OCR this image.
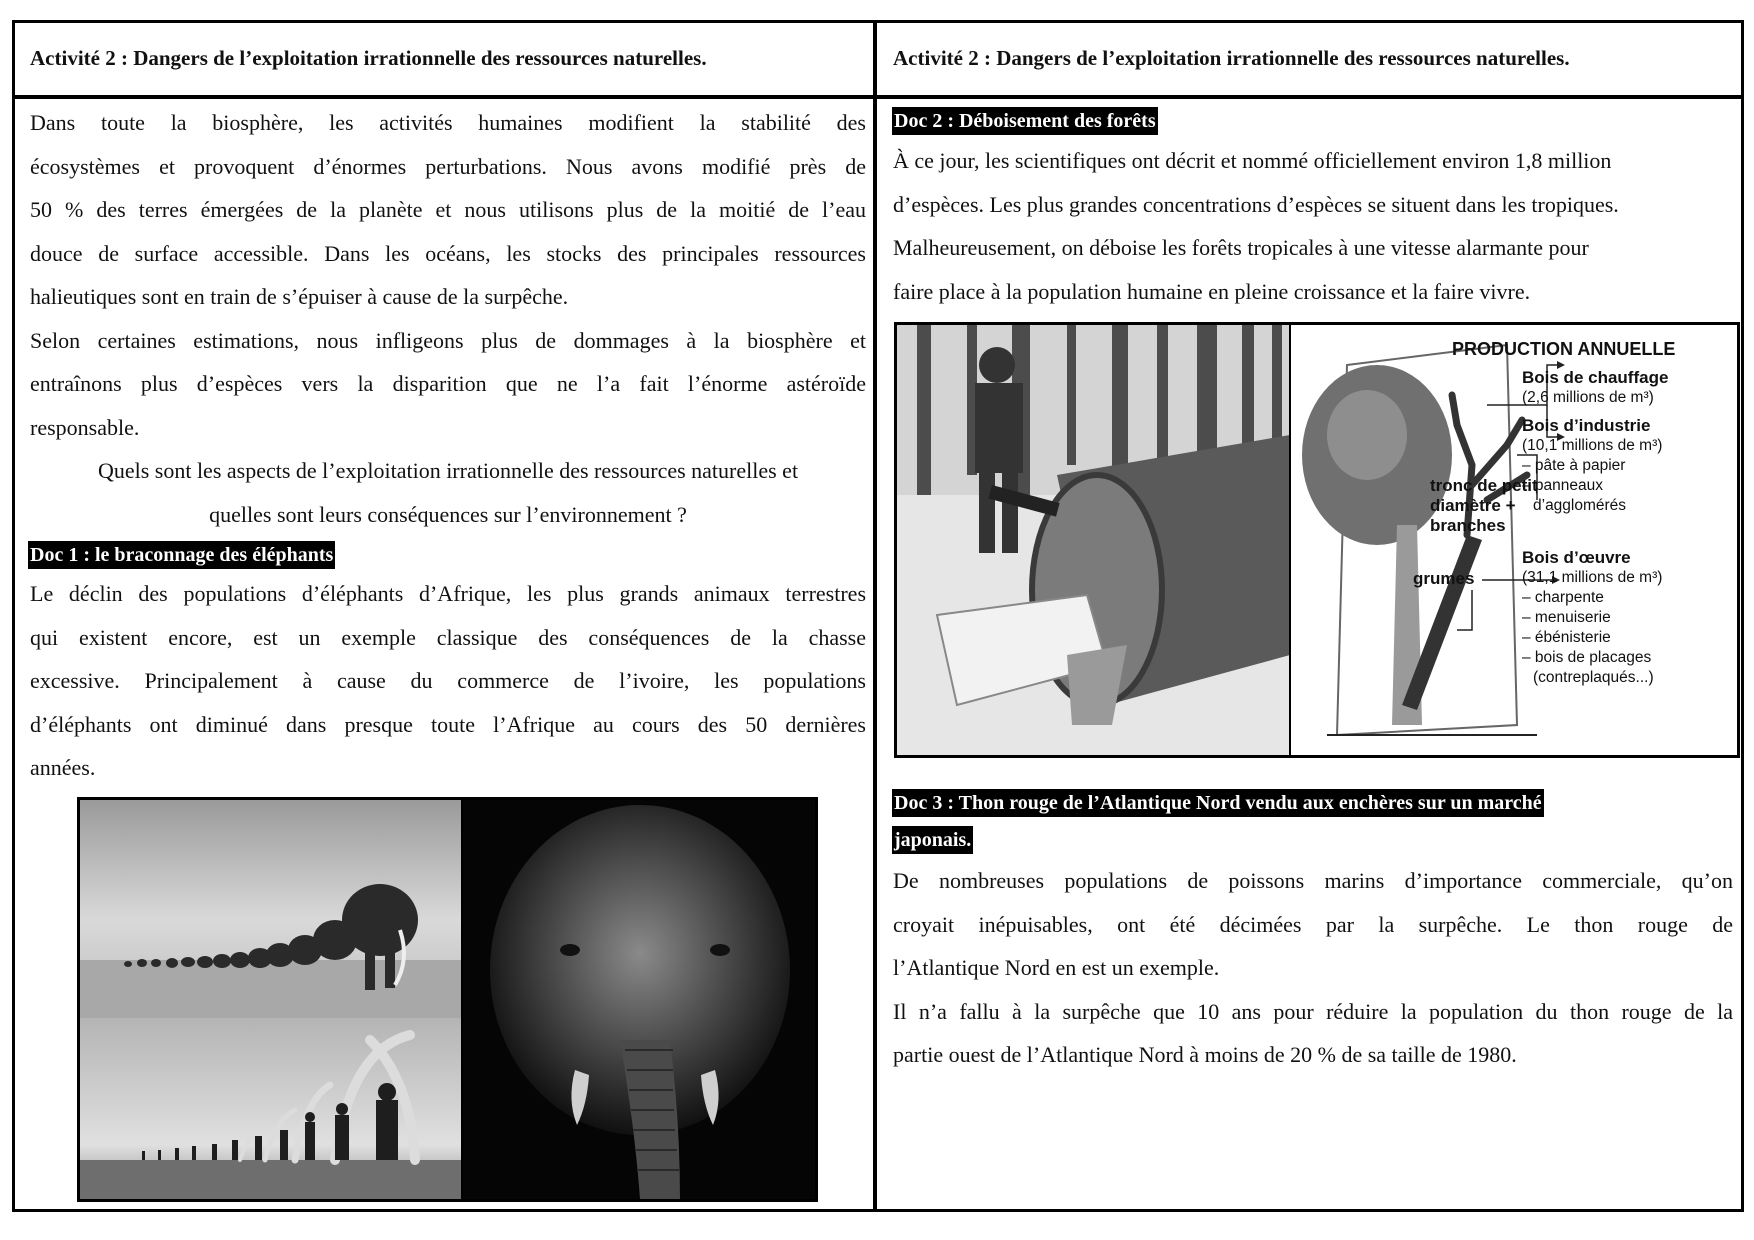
Activité 2 : Dangers de l’exploitation irrationnelle des ressources naturelles.
Dans toute la biosphère, les activités humaines modifient la stabilité des
écosystèmes et provoquent d’énormes perturbations. Nous avons modifié près de
50 % des terres émergées de la planète et nous utilisons plus de la moitié de l’eau
douce de surface accessible. Dans les océans, les stocks des principales ressources
halieutiques sont en train de s’épuiser à cause de la surpêche.
Selon certaines estimations, nous infligeons plus de dommages à la biosphère et
entraînons plus d’espèces vers la disparition que ne l’a fait l’énorme astéroïde
responsable.
Quels sont les aspects de l’exploitation irrationnelle des ressources naturelles et
quelles sont leurs conséquences sur l’environnement ?
Doc 1 : le braconnage des éléphants
Le déclin des populations d’éléphants d’Afrique, les plus grands animaux terrestres
qui existent encore, est un exemple classique des conséquences de la chasse
excessive. Principalement à cause du commerce de l’ivoire, les populations
d’éléphants ont diminué dans presque toute l’Afrique au cours des 50 dernières
années.
Activité 2 : Dangers de l’exploitation irrationnelle des ressources naturelles.
Doc 2 : Déboisement des forêts
À ce jour, les scientifiques ont décrit et nommé officiellement environ 1,8 million
d’espèces. Les plus grandes concentrations d’espèces se situent dans les tropiques.
Malheureusement, on déboise les forêts tropicales à une vitesse alarmante pour
faire place à la population humaine en pleine croissance et la faire vivre.
PRODUCTION ANNUELLE
Bois de chauffage
(2,6 millions de m³)
Bois d’industrie
(10,1 millions de m³)
– pâte à papier
– panneaux
d’agglomérés
tronc de petit
diamètre +
branches
Bois d’œuvre
(31,1 millions de m³)
– charpente
– menuiserie
– ébénisterie
– bois de placages
(contreplaqués...)
grumes
Doc 3 : Thon rouge de l’Atlantique Nord vendu aux enchères sur un marché
japonais.
De nombreuses populations de poissons marins d’importance commerciale, qu’on
croyait inépuisables, ont été décimées par la surpêche. Le thon rouge de
l’Atlantique Nord en est un exemple.
Il n’a fallu à la surpêche que 10 ans pour réduire la population du thon rouge de la
partie ouest de l’Atlantique Nord à moins de 20 % de sa taille de 1980.
